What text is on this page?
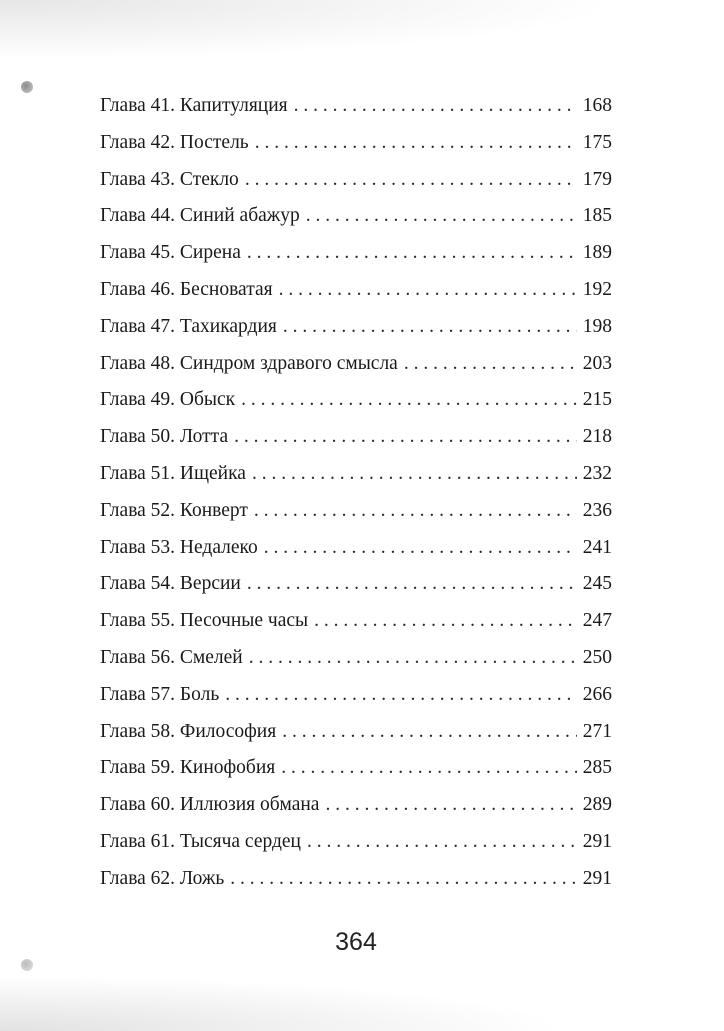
Глава 41. Капитуляция . . .	168
Глава 42. Постель . . .	175
Глава 43. Стекло . . .	179
Глава 44. Синий абажур . . .	185
Глава 45. Сирена . . .	189
Глава 46. Бесноватая . . .	192
Глава 47. Тахикардия . . .	198
Глава 48. Синдром здравого смысла . . .	203
Глава 49. Обыск . . .	215
Глава 50. Лотта . . .	218
Глава 51. Ищейка . . .	232
Глава 52. Конверт . . .	236
Глава 53. Недалеко . . .	241
Глава 54. Версии . . .	245
Глава 55. Песочные часы . . .	247
Глава 56. Смелей . . .	250
Глава 57. Боль . . .	266
Глава 58. Философия . . .	271
Глава 59. Кинофобия . . .	285
Глава 60. Иллюзия обмана . . .	289
Глава 61. Тысяча сердец . . .	291
Глава 62. Ложь . . .	291
364
